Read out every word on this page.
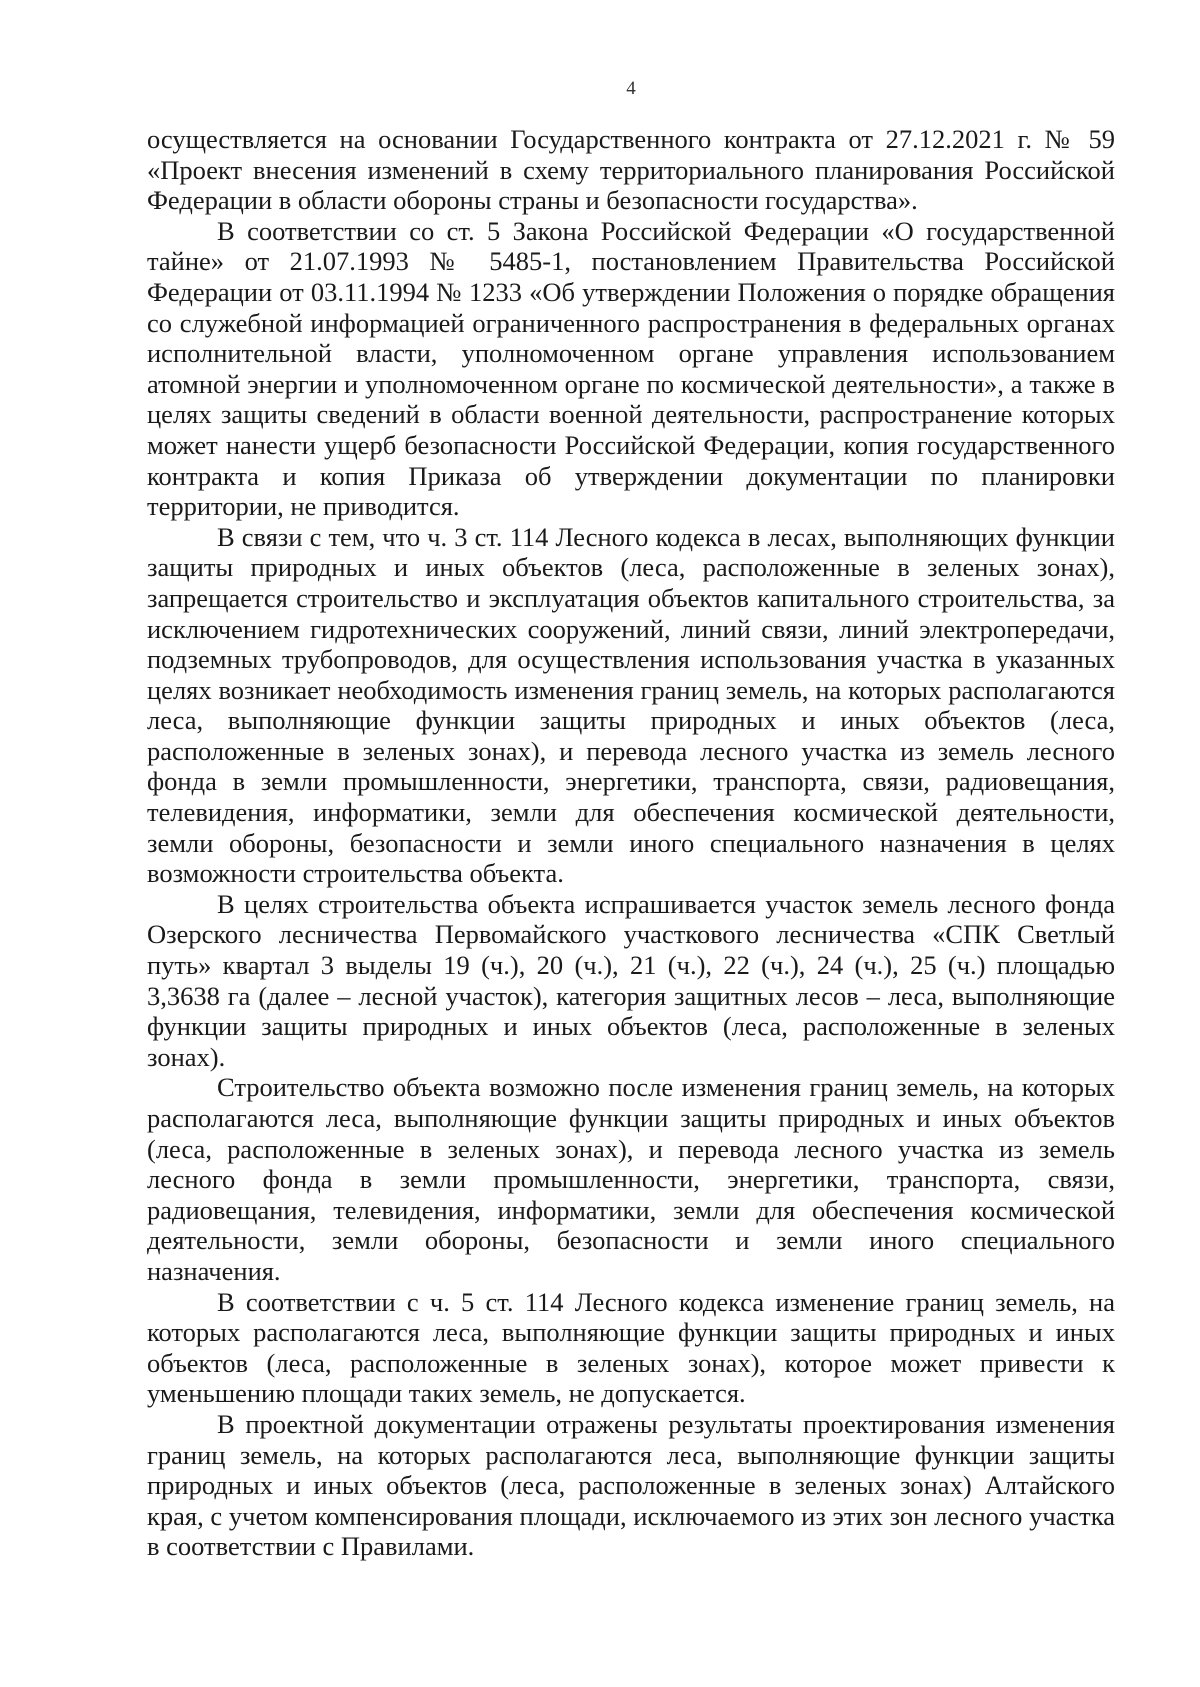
4

осуществляется на основании Государственного контракта от 27.12.2021 г. № 59 «Проект внесения изменений в схему территориального планирования Российской Федерации в области обороны страны и безопасности государства».

В соответствии со ст. 5 Закона Российской Федерации «О государственной тайне» от 21.07.1993 № 5485-1, постановлением Правительства Российской Федерации от 03.11.1994 № 1233 «Об утверждении Положения о порядке обращения со служебной информацией ограниченного распространения в федеральных органах исполнительной власти, уполномоченном органе управления использованием атомной энергии и уполномоченном органе по космической деятельности», а также в целях защиты сведений в области военной деятельности, распространение которых может нанести ущерб безопасности Российской Федерации, копия государственного контракта и копия Приказа об утверждении документации по планировки территории, не приводится.

В связи с тем, что ч. 3 ст. 114 Лесного кодекса в лесах, выполняющих функции защиты природных и иных объектов (леса, расположенные в зеленых зонах), запрещается строительство и эксплуатация объектов капитального строительства, за исключением гидротехнических сооружений, линий связи, линий электропередачи, подземных трубопроводов, для осуществления использования участка в указанных целях возникает необходимость изменения границ земель, на которых располагаются леса, выполняющие функции защиты природных и иных объектов (леса, расположенные в зеленых зонах), и перевода лесного участка из земель лесного фонда в земли промышленности, энергетики, транспорта, связи, радиовещания, телевидения, информатики, земли для обеспечения космической деятельности, земли обороны, безопасности и земли иного специального назначения в целях возможности строительства объекта.

В целях строительства объекта испрашивается участок земель лесного фонда Озерского лесничества Первомайского участкового лесничества «СПК Светлый путь» квартал 3 выделы 19 (ч.), 20 (ч.), 21 (ч.), 22 (ч.), 24 (ч.), 25 (ч.) площадью 3,3638 га (далее – лесной участок), категория защитных лесов – леса, выполняющие функции защиты природных и иных объектов (леса, расположенные в зеленых зонах).

Строительство объекта возможно после изменения границ земель, на которых располагаются леса, выполняющие функции защиты природных и иных объектов (леса, расположенные в зеленых зонах), и перевода лесного участка из земель лесного фонда в земли промышленности, энергетики, транспорта, связи, радиовещания, телевидения, информатики, земли для обеспечения космической деятельности, земли обороны, безопасности и земли иного специального назначения.

В соответствии с ч. 5 ст. 114 Лесного кодекса изменение границ земель, на которых располагаются леса, выполняющие функции защиты природных и иных объектов (леса, расположенные в зеленых зонах), которое может привести к уменьшению площади таких земель, не допускается.

В проектной документации отражены результаты проектирования изменения границ земель, на которых располагаются леса, выполняющие функции защиты природных и иных объектов (леса, расположенные в зеленых зонах) Алтайского края, с учетом компенсирования площади, исключаемого из этих зон лесного участка в соответствии с Правилами.
